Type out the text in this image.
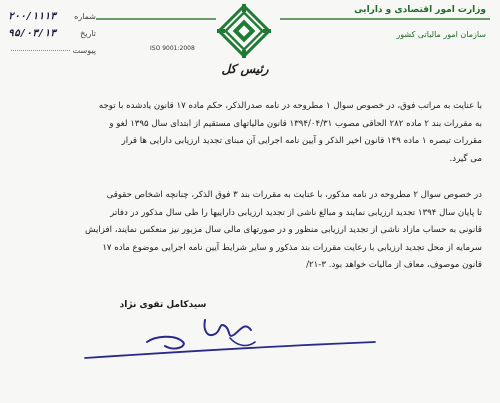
۲۰۰/۱۱۱۳ شماره
۹۵/۰۳/۱۳	تاریخ
پیوست	ISO 9001:2008
وزارت امور اقتصادی و دارایی
سازمان امور مالیاتی کشور
رئیس کل
با عنایت به مراتب فوق، در خصوص سوال ۱ مطروحه در نامه صدرالذکر، حکم ماده ۱۷ قانون یادشده با توجه
به مقررات بند ۲ ماده ۲۸۲ الحاقی مصوب ۱۳۹۴/۰۴/۳۱ قانون مالیاتهای مستقیم از ابتدای سال ۱۳۹۵ لغو و
مقررات تبصره ۱ ماده ۱۴۹ قانون اخیر الذکر و آیین نامه اجرایی آن مبنای تجدید ارزیابی دارایی ها قرار
می گیرد.
در خصوص سوال ۲ مطروحه در نامه مذکور، با عنایت به مقررات بند ۳ فوق الذکر، چنانچه اشخاص حقوقی
تا پایان سال ۱۳۹۴ تجدید ارزیابی نمایند و مبالغ ناشی از تجدید ارزیابی داراییها را طی سال مذکور در دفاتر
قانونی به حساب مازاد ناشی از تجدید ارزیابی منظور و در صورتهای مالی سال مزبور نیز منعکس نمایند، افزایش
سرمایه از محل تجدید ارزیابی با رعایت مقررات بند مذکور و سایر شرایط آیین نامه اجرایی موضوع ماده ۱۷
قانون موصوف، معاف از مالیات خواهد بود. ۳-۲۱/
سیدکامل تقوی نژاد
